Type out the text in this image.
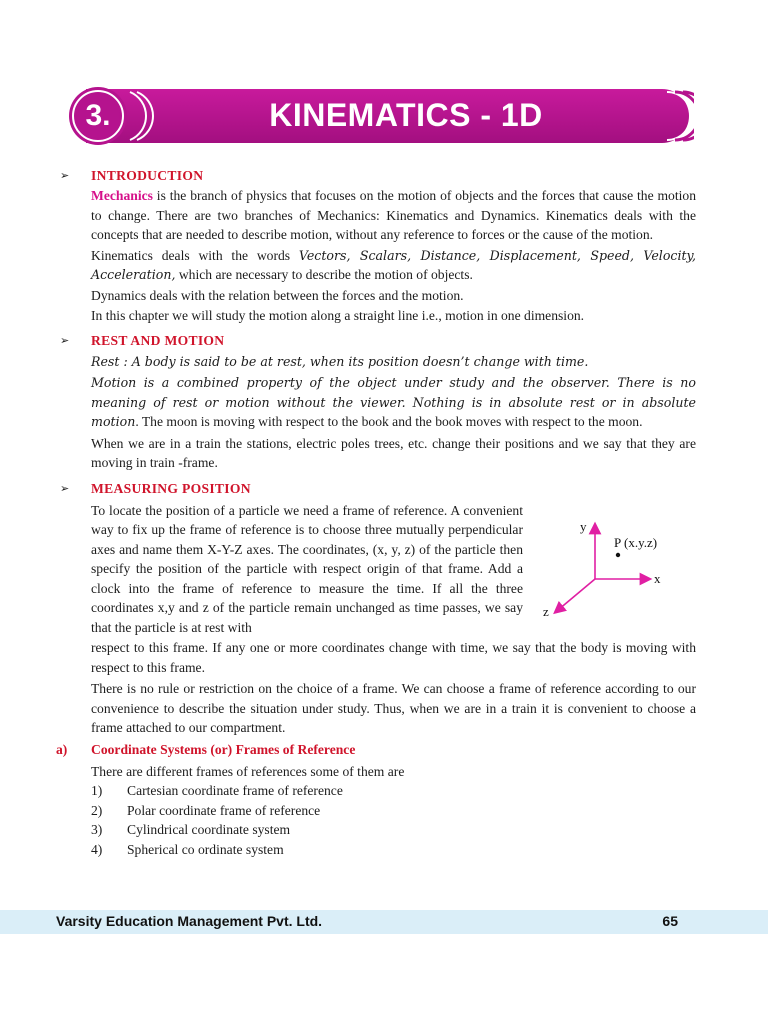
3.	KINEMATICS - 1D
➢ INTRODUCTION

Mechanics is the branch of physics that focuses on the motion of objects and the forces that cause the motion to change. There are two branches of Mechanics: Kinematics and Dynamics. Kinematics deals with the concepts that are needed to describe motion, without any reference to forces or the cause of the motion.

Kinematics deals with the words Vectors, Scalars, Distance, Displacement, Speed, Velocity, Acceleration, which are necessary to describe the motion of objects.

Dynamics deals with the relation between the forces and the motion.

In this chapter we will study the motion along a straight line i.e., motion in one dimension.

➢ REST AND MOTION

Rest : A body is said to be at rest, when its position doesn’t change with time.

Motion is a combined property of the object under study and the observer. There is no meaning of rest or motion without the viewer. Nothing is in absolute rest or in absolute motion. The moon is moving with respect to the book and the book moves with respect to the moon.

When we are in a train the stations, electric poles trees, etc. change their positions and we say that they are moving in train -frame.

➢ MEASURING POSITION

To locate the position of a particle we need a frame of reference. A convenient way to fix up the frame of reference is to choose three mutually perpendicular axes and name them X-Y-Z axes. The coordinates, (x, y, z) of the particle then specify the position of the particle with respect origin of that frame. Add a clock into the frame of reference to measure the time. If all the three coordinates x,y and z of the particle remain unchanged as time passes, we say that the particle is at rest with

respect to this frame. If any one or more coordinates change with time, we say that the body is moving with respect to this frame.

There is no rule or restriction on the choice of a frame. We can choose a frame of reference according to our convenience to describe the situation under study. Thus, when we are in a train it is convenient to choose a frame attached to our compartment.

a) Coordinate Systems (or) Frames of Reference

There are different frames of references some of them are

1) Cartesian coordinate frame of reference
2) Polar coordinate frame of reference
3) Cylindrical coordinate system
4) Spherical co ordinate system
y
x
z
P (x.y.z)
Varsity Education Management Pvt. Ltd.	65
